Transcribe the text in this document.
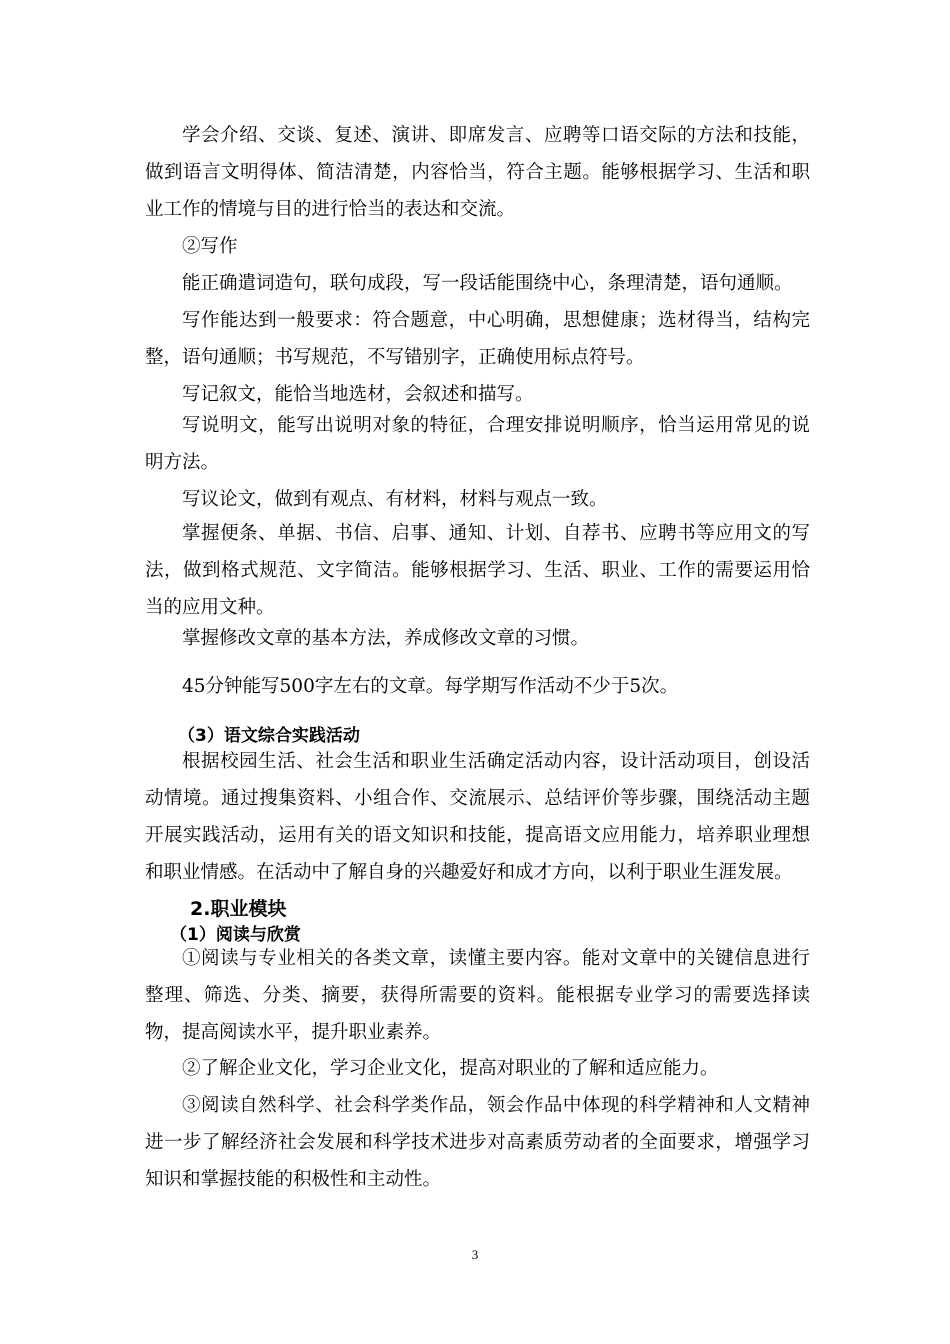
学会介绍、交谈、复述、演讲、即席发言、应聘等口语交际的方法和技能，做到语言文明得体、简洁清楚，内容恰当，符合主题。能够根据学习、生活和职业工作的情境与目的进行恰当的表达和交流。

②写作

能正确遣词造句，联句成段，写一段话能围绕中心，条理清楚，语句通顺。

写作能达到一般要求：符合题意，中心明确，思想健康；选材得当，结构完整，语句通顺；书写规范，不写错别字，正确使用标点符号。

写记叙文，能恰当地选材，会叙述和描写。

写说明文，能写出说明对象的特征，合理安排说明顺序，恰当运用常见的说明方法。

写议论文，做到有观点、有材料，材料与观点一致。

掌握便条、单据、书信、启事、通知、计划、自荐书、应聘书等应用文的写法，做到格式规范、文字简洁。能够根据学习、生活、职业、工作的需要运用恰当的应用文种。

掌握修改文章的基本方法，养成修改文章的习惯。

45分钟能写500字左右的文章。每学期写作活动不少于5次。

（3）语文综合实践活动

根据校园生活、社会生活和职业生活确定活动内容，设计活动项目，创设活动情境。通过搜集资料、小组合作、交流展示、总结评价等步骤，围绕活动主题开展实践活动，运用有关的语文知识和技能，提高语文应用能力，培养职业理想和职业情感。在活动中了解自身的兴趣爱好和成才方向，以利于职业生涯发展。

2.职业模块

（1）阅读与欣赏

①阅读与专业相关的各类文章，读懂主要内容。能对文章中的关键信息进行整理、筛选、分类、摘要，获得所需要的资料。能根据专业学习的需要选择读物，提高阅读水平，提升职业素养。

②了解企业文化，学习企业文化，提高对职业的了解和适应能力。

③阅读自然科学、社会科学类作品，领会作品中体现的科学精神和人文精神进一步了解经济社会发展和科学技术进步对高素质劳动者的全面要求，增强学习知识和掌握技能的积极性和主动性。

3
